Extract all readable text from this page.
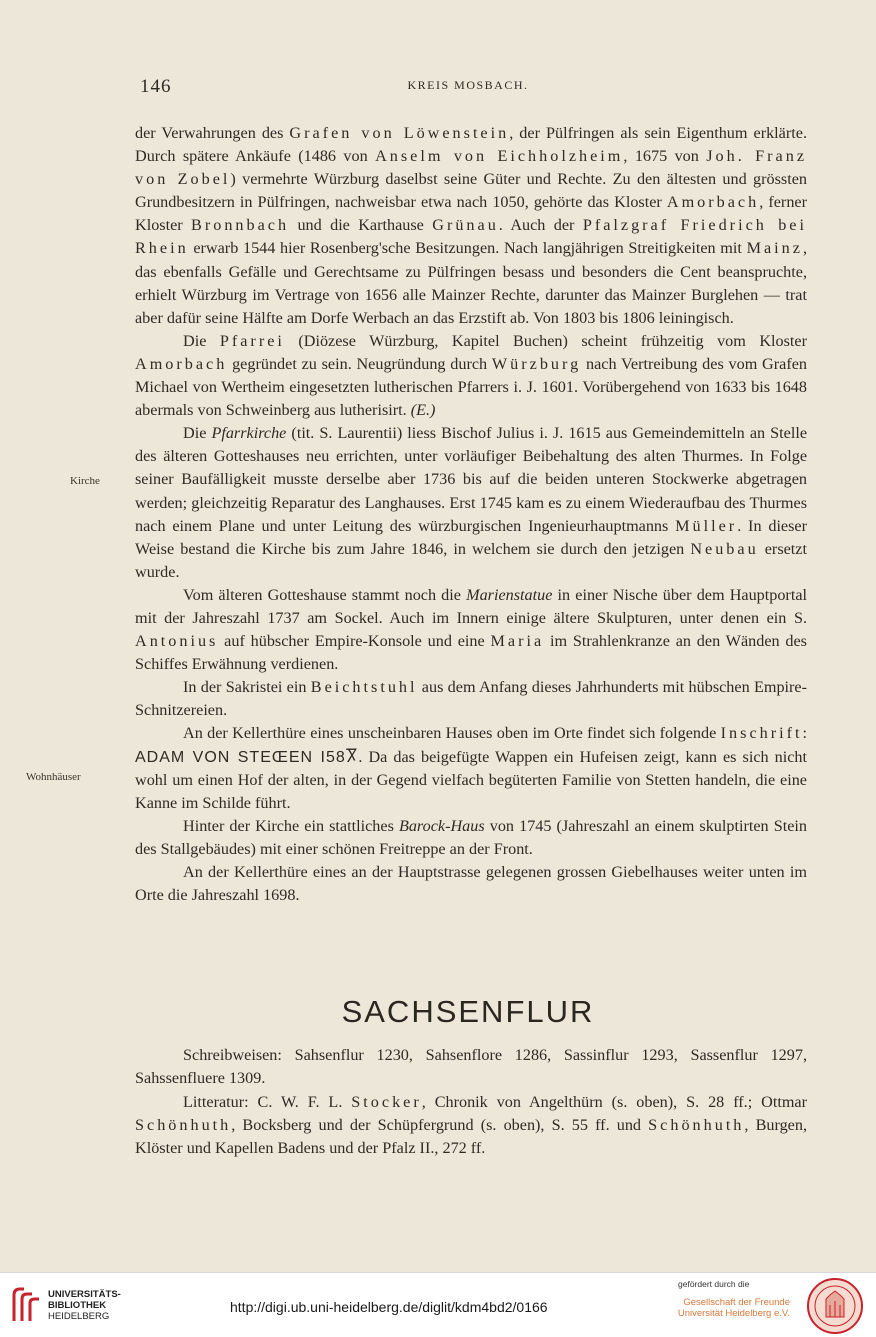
146	KREIS MOSBACH.
Kirche
Wohnhäuser

der Verwahrungen des Grafen von Löwenstein, der Pülfringen als sein Eigenthum erklärte. Durch spätere Ankäufe (1486 von Anselm von Eichholzheim, 1675 von Joh. Franz von Zobel) vermehrte Würzburg daselbst seine Güter und Rechte. Zu den ältesten und grössten Grundbesitzern in Pülfringen, nachweisbar etwa nach 1050, gehörte das Kloster Amorbach, ferner Kloster Bronnbach und die Karthause Grünau. Auch der Pfalzgraf Friedrich bei Rhein erwarb 1544 hier Rosenberg'sche Besitzungen. Nach langjährigen Streitigkeiten mit Mainz, das ebenfalls Gefälle und Gerechtsame zu Pülfringen besass und besonders die Cent beanspruchte, erhielt Würzburg im Vertrage von 1656 alle Mainzer Rechte, darunter das Mainzer Burglehen — trat aber dafür seine Hälfte am Dorfe Werbach an das Erzstift ab. Von 1803 bis 1806 leiningisch.

Die Pfarrei (Diözese Würzburg, Kapitel Buchen) scheint frühzeitig vom Kloster Amorbach gegründet zu sein. Neugründung durch Würzburg nach Vertreibung des vom Grafen Michael von Wertheim eingesetzten lutherischen Pfarrers i. J. 1601. Vorübergehend von 1633 bis 1648 abermals von Schweinberg aus lutherisirt. (E.)

Die Pfarrkirche (tit. S. Laurentii) liess Bischof Julius i. J. 1615 aus Gemeindemitteln an Stelle des älteren Gotteshauses neu errichten, unter vorläufiger Beibehaltung des alten Thurmes. In Folge seiner Baufälligkeit musste derselbe aber 1736 bis auf die beiden unteren Stockwerke abgetragen werden; gleichzeitig Reparatur des Langhauses. Erst 1745 kam es zu einem Wiederaufbau des Thurmes nach einem Plane und unter Leitung des würzburgischen Ingenieurhauptmanns Müller. In dieser Weise bestand die Kirche bis zum Jahre 1846, in welchem sie durch den jetzigen Neubau ersetzt wurde.

Vom älteren Gotteshause stammt noch die Marienstatue in einer Nische über dem Hauptportal mit der Jahreszahl 1737 am Sockel. Auch im Innern einige ältere Skulpturen, unter denen ein S. Antonius auf hübscher Empire-Konsole und eine Maria im Strahlenkranze an den Wänden des Schiffes Erwähnung verdienen.

In der Sakristei ein Beichtstuhl aus dem Anfang dieses Jahrhunderts mit hübschen Empire-Schnitzereien.

An der Kellerthüre eines unscheinbaren Hauses oben im Orte findet sich folgende Inschrift: ADAM VON STEŒEN I58Ⴟ. Da das beigefügte Wappen ein Hufeisen zeigt, kann es sich nicht wohl um einen Hof der alten, in der Gegend vielfach begüterten Familie von Stetten handeln, die eine Kanne im Schilde führt.

Hinter der Kirche ein stattliches Barock-Haus von 1745 (Jahreszahl an einem skulptirten Stein des Stallgebäudes) mit einer schönen Freitreppe an der Front.

An der Kellerthüre eines an der Hauptstrasse gelegenen grossen Giebelhauses weiter unten im Orte die Jahreszahl 1698.

SACHSENFLUR

Schreibweisen: Sahsenflur 1230, Sahsenflore 1286, Sassinflur 1293, Sassenflur 1297, Sahssenfluere 1309.

Litteratur: C. W. F. L. Stocker, Chronik von Angelthürn (s. oben), S. 28 ff.; Ottmar Schönhuth, Bocksberg und der Schüpfergrund (s. oben), S. 55 ff. und Schönhuth, Burgen, Klöster und Kapellen Badens und der Pfalz II., 272 ff.

UNIVERSITÄTS-
BIBLIOTHEK
HEIDELBERG
http://digi.ub.uni-heidelberg.de/diglit/kdm4bd2/0166
gefördert durch die
Gesellschaft der Freunde
Universität Heidelberg e.V.
